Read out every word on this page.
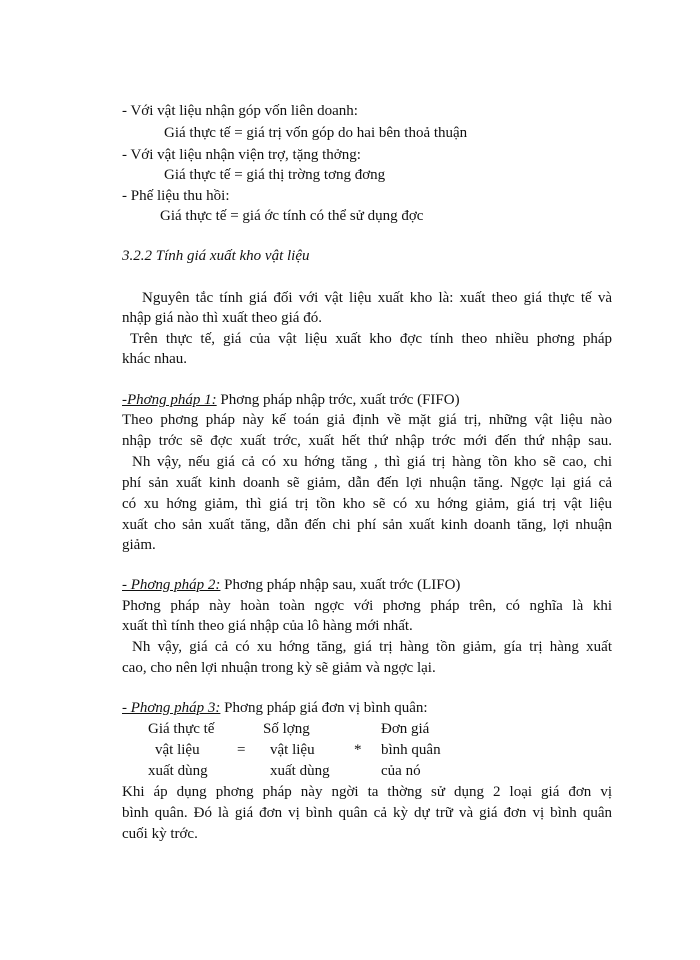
- Với vật liệu nhận góp vốn liên doanh:
Giá thực tế = giá trị vốn góp do hai bên thoả thuận
- Với vật liệu nhận viện trợ, tặng thởng:
Giá thực tế = giá thị trờng tơng đơng
- Phế liệu thu hồi:
Giá thực tế = giá ớc tính có thể sử dụng đợc
3.2.2 Tính giá xuất kho vật liệu
Nguyên tắc tính giá đối với vật liệu xuất kho là: xuất theo giá thực tế và
nhập giá nào thì xuất theo giá đó.
Trên thực tế, giá của vật liệu xuất kho đợc tính theo nhiều phơng pháp
khác nhau.
-Phơng pháp 1: Phơng pháp nhập trớc, xuất trớc (FIFO)
Theo phơng pháp này kế toán giả định về mặt giá trị, những vật liệu nào
nhập trớc sẽ đợc xuất trớc, xuất hết thứ nhập trớc mới đến thứ nhập sau.
Nh vậy, nếu giá cả có xu hớng tăng , thì giá trị hàng tồn kho sẽ cao, chi
phí sản xuất kinh doanh sẽ giảm, dẫn đến lợi nhuận tăng. Ngợc lại giá cả
có xu hớng giảm, thì giá trị tồn kho sẽ có xu hớng giảm, giá trị vật liệu
xuất cho sản xuất tăng, dẫn đến chi phí sản xuất kinh doanh tăng, lợi nhuận
giảm.
- Phơng pháp 2: Phơng pháp nhập sau, xuất trớc (LIFO)
Phơng pháp này hoàn toàn ngợc với phơng pháp trên, có nghĩa là khi
xuất thì tính theo giá nhập của lô hàng mới nhất.
Nh vậy, giá cả có xu hớng tăng, giá trị hàng tồn giảm, gía trị hàng xuất
cao, cho nên lợi nhuận trong kỳ sẽ giảm và ngợc lại.
- Phơng pháp 3: Phơng pháp giá đơn vị bình quân:
Giá thực tế
vật liệu
xuất dùng
=
Số lợng
vật liệu
xuất dùng
*
Đơn giá
bình quân
của nó
Khi áp dụng phơng pháp này ngời ta thờng sử dụng 2 loại giá đơn vị
bình quân. Đó là giá đơn vị bình quân cả kỳ dự trữ và giá đơn vị bình quân
cuối kỳ trớc.
